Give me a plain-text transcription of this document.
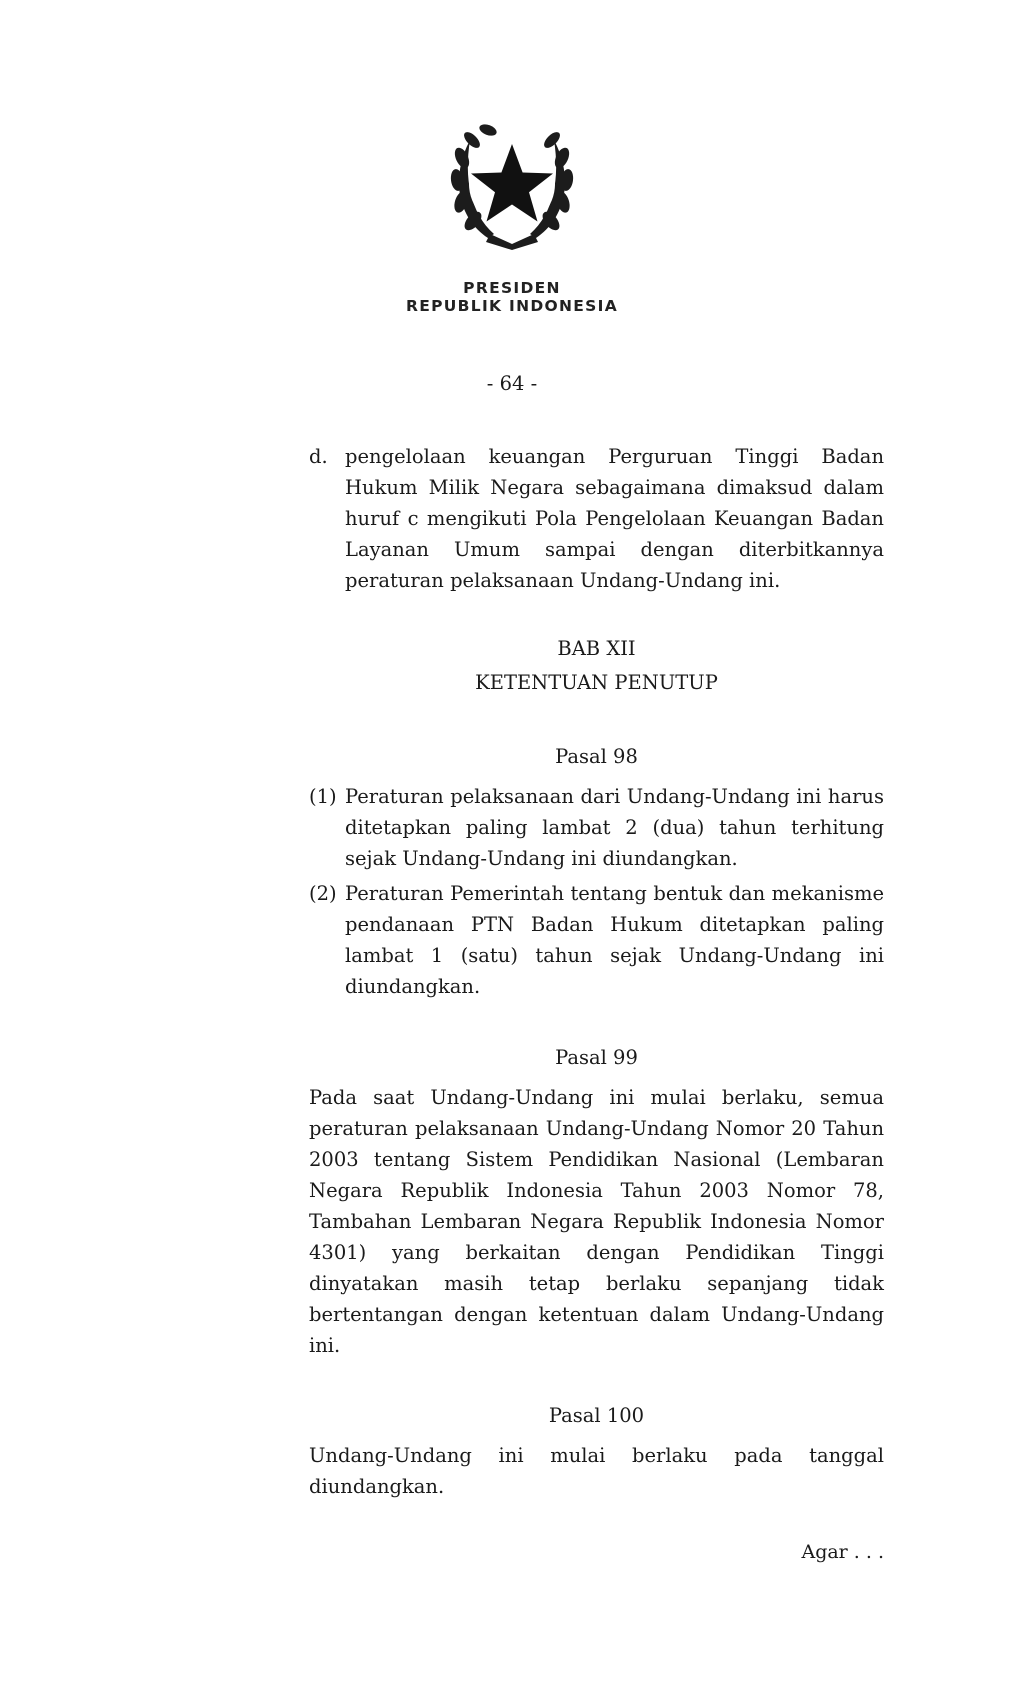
PRESIDEN
REPUBLIK INDONESIA
- 64 -
d. pengelolaan keuangan Perguruan Tinggi Badan Hukum Milik Negara sebagaimana dimaksud dalam huruf c mengikuti Pola Pengelolaan Keuangan Badan Layanan Umum sampai dengan diterbitkannya peraturan pelaksanaan Undang-Undang ini.
BAB XII
KETENTUAN PENUTUP
Pasal 98
(1) Peraturan pelaksanaan dari Undang-Undang ini harus ditetapkan paling lambat 2 (dua) tahun terhitung sejak Undang-Undang ini diundangkan.
(2) Peraturan Pemerintah tentang bentuk dan mekanisme pendanaan PTN Badan Hukum ditetapkan paling lambat 1 (satu) tahun sejak Undang-Undang ini diundangkan.
Pasal 99
Pada saat Undang-Undang ini mulai berlaku, semua peraturan pelaksanaan Undang-Undang Nomor 20 Tahun 2003 tentang Sistem Pendidikan Nasional (Lembaran Negara Republik Indonesia Tahun 2003 Nomor 78, Tambahan Lembaran Negara Republik Indonesia Nomor 4301) yang berkaitan dengan Pendidikan Tinggi dinyatakan masih tetap berlaku sepanjang tidak bertentangan dengan ketentuan dalam Undang-Undang ini.
Pasal 100
Undang-Undang ini mulai berlaku pada tanggal diundangkan.
Agar . . .
